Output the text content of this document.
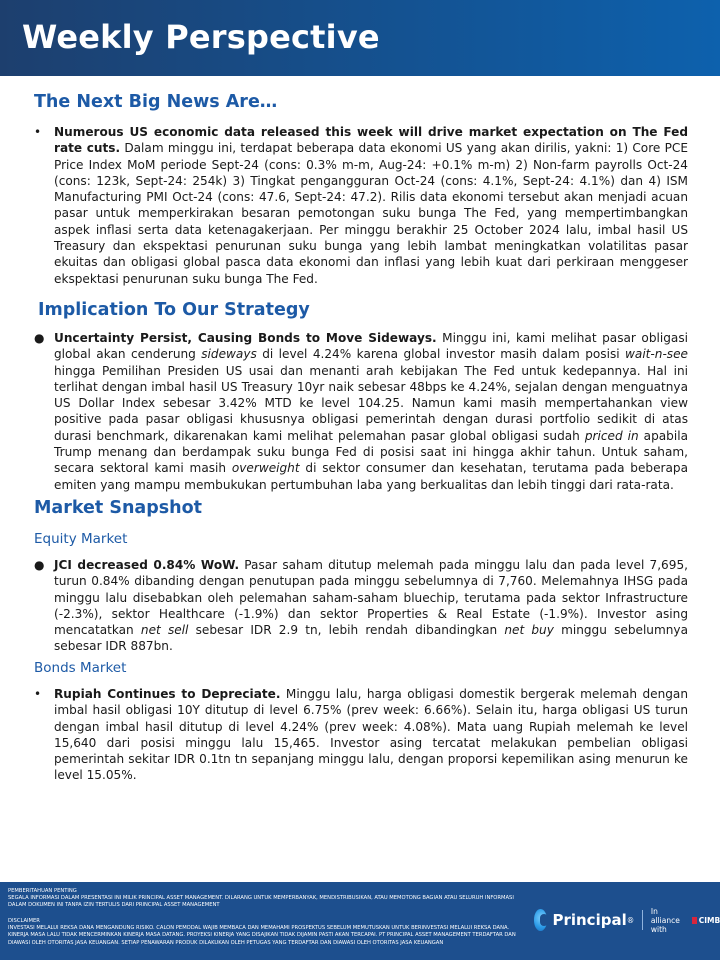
Weekly Perspective
The Next Big News Are…
•	Numerous US economic data released this week will drive market expectation on The Fed rate cuts. Dalam minggu ini, terdapat beberapa data ekonomi US yang akan dirilis, yakni: 1) Core PCE Price Index MoM periode Sept-24 (cons: 0.3% m-m, Aug-24: +0.1% m-m) 2) Non-farm payrolls Oct-24 (cons: 123k, Sept-24: 254k) 3) Tingkat pengangguran Oct-24 (cons: 4.1%, Sept-24: 4.1%) dan 4) ISM Manufacturing PMI Oct-24 (cons: 47.6, Sept-24: 47.2). Rilis data ekonomi tersebut akan menjadi acuan pasar untuk memperkirakan besaran pemotongan suku bunga The Fed, yang mempertimbangkan aspek inflasi serta data ketenagakerjaan. Per minggu berakhir 25 October 2024 lalu, imbal hasil US Treasury dan ekspektasi penurunan suku bunga yang lebih lambat meningkatkan volatilitas pasar ekuitas dan obligasi global pasca data ekonomi dan inflasi yang lebih kuat dari perkiraan menggeser ekspektasi penurunan suku bunga The Fed.
Implication To Our Strategy
● Uncertainty Persist, Causing Bonds to Move Sideways. Minggu ini, kami melihat pasar obligasi global akan cenderung sideways di level 4.24% karena global investor masih dalam posisi wait-n-see hingga Pemilihan Presiden US usai dan menanti arah kebijakan The Fed untuk kedepannya. Hal ini terlihat dengan imbal hasil US Treasury 10yr naik sebesar 48bps ke 4.24%, sejalan dengan menguatnya US Dollar Index sebesar 3.42% MTD ke level 104.25. Namun kami masih mempertahankan view positive pada pasar obligasi khususnya obligasi pemerintah dengan durasi portfolio sedikit di atas durasi benchmark, dikarenakan kami melihat pelemahan pasar global obligasi sudah priced in apabila Trump menang dan berdampak suku bunga Fed di posisi saat ini hingga akhir tahun. Untuk saham, secara sektoral kami masih overweight di sektor consumer dan kesehatan, terutama pada beberapa emiten yang mampu membukukan pertumbuhan laba yang berkualitas dan lebih tinggi dari rata-rata.
Market Snapshot
Equity Market
● JCI decreased 0.84% WoW. Pasar saham ditutup melemah pada minggu lalu dan pada level 7,695, turun 0.84% dibanding dengan penutupan pada minggu sebelumnya di 7,760. Melemahnya IHSG pada minggu lalu disebabkan oleh pelemahan saham-saham bluechip, terutama pada sektor Infrastructure (-2.3%), sektor Healthcare (-1.9%) dan sektor Properties & Real Estate (-1.9%). Investor asing mencatatkan net sell sebesar IDR 2.9 tn, lebih rendah dibandingkan net buy minggu sebelumnya sebesar IDR 887bn.
Bonds Market
•	Rupiah Continues to Depreciate. Minggu lalu, harga obligasi domestik bergerak melemah dengan imbal hasil obligasi 10Y ditutup di level 6.75% (prev week: 6.66%). Selain itu, harga obligasi US turun dengan imbal hasil ditutup di level 4.24% (prev week: 4.08%). Mata uang Rupiah melemah ke level 15,640 dari posisi minggu lalu 15,465. Investor asing tercatat melakukan pembelian obligasi pemerintah sekitar IDR 0.1tn tn sepanjang minggu lalu, dengan proporsi kepemilikan asing menurun ke level 15.05%.
PEMBERITAHUAN PENTING
SEGALA INFORMASI DALAM PRESENTASI INI MILIK PRINCIPAL ASSET MANAGEMENT. DILARANG UNTUK MEMPERBANYAK, MENDISTRIBUSIKAN, ATAU MEMOTONG BAGIAN ATAU SELURUH INFORMASI DALAM DOKUMEN INI TANPA IZIN TERTULIS DARI PRINCIPAL ASSET MANAGEMENT
DISCLAIMER
INVESTASI MELALUI REKSA DANA MENGANDUNG RISIKO. CALON PEMODAL WAJIB MEMBACA DAN MEMAHAMI PROSPEKTUS SEBELUM MEMUTUSKAN UNTUK BERINVESTASI MELALUI REKSA DANA. KINERJA MASA LALU TIDAK MENCERMINKAN KINERJA MASA DATANG. PROYEKSI KINERJA YANG DISAJIKAN TIDAK DIJAMIN PASTI AKAN TERCAPAI. PT PRINCIPAL ASSET MANAGEMENT TERDAFTAR DAN DIAWASI OLEH OTORITAS JASA KEUANGAN. SETIAP PENAWARAN PRODUK DILAKUKAN OLEH PETUGAS YANG TERDAFTAR DAN DIAWASI OLEH OTORITAS JASA KEUANGAN
Principal ®
In alliance with
CIMB
